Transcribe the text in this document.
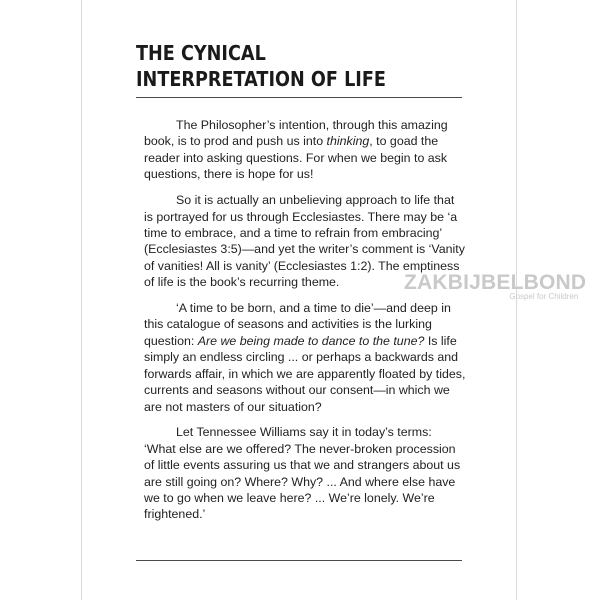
THE CYNICAL
INTERPRETATION OF LIFE

The Philosopher’s intention, through this amazing book, is to prod and push us into thinking, to goad the reader into asking questions. For when we begin to ask questions, there is hope for us!

So it is actually an unbelieving approach to life that is portrayed for us through Ecclesiastes. There may be ‘a time to embrace, and a time to refrain from embracing’ (Ecclesiastes 3:5)—and yet the writer’s comment is ‘Vanity of vanities! All is vanity’ (Ecclesiastes 1:2). The emptiness of life is the book’s recurring theme.

‘A time to be born, and a time to die’—and deep in this catalogue of seasons and activities is the lurking question: Are we being made to dance to the tune? Is life simply an endless circling ... or perhaps a backwards and forwards affair, in which we are apparently floated by tides, currents and seasons without our consent—in which we are not masters of our situation?

Let Tennessee Williams say it in today’s terms: ‘What else are we offered? The never-broken procession of little events assuring us that we and strangers about us are still going on? Where? Why? ... And where else have we to go when we leave here? ... We’re lonely. We’re frightened.’

ZAKBIJBELBOND
Gospel for Children
